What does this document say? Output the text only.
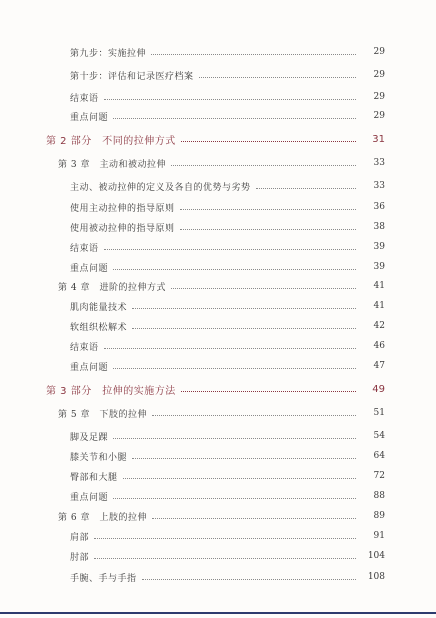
第九步：实施拉伸	29
第十步：评估和记录医疗档案	29
结束语	29
重点问题	29
第 2 部分　不同的拉伸方式	31
第 3 章　主动和被动拉伸	33
主动、被动拉伸的定义及各自的优势与劣势	33
使用主动拉伸的指导原则	36
使用被动拉伸的指导原则	38
结束语	39
重点问题	39
第 4 章　进阶的拉伸方式	41
肌肉能量技术	41
软组织松解术	42
结束语	46
重点问题	47
第 3 部分　拉伸的实施方法	49
第 5 章　下肢的拉伸	51
脚及足踝	54
膝关节和小腿	64
臀部和大腿	72
重点问题	88
第 6 章　上肢的拉伸	89
肩部	91
肘部	104
手腕、手与手指	108
